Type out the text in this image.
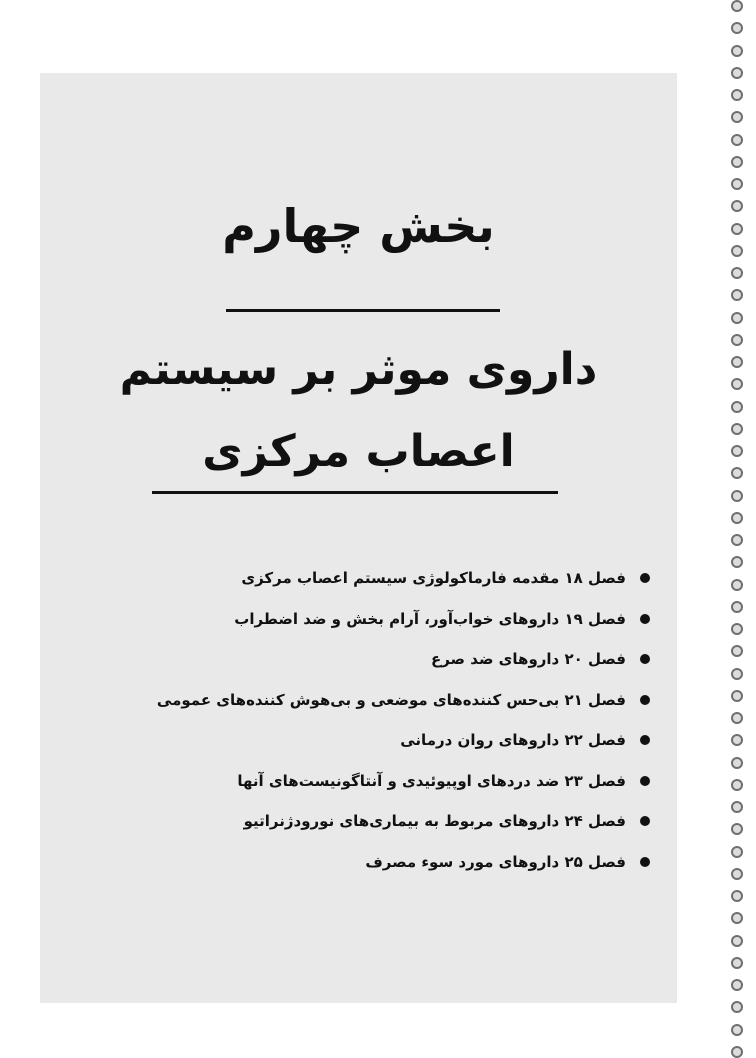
بخش چهارم
داروی موثر بر سیستم
اعصاب مرکزی
فصل ۱۸ مقدمه فارماکولوژی سیستم اعصاب مرکزی
فصل ۱۹ داروهای خواب‌آور، آرام بخش و ضد اضطراب
فصل ۲۰ داروهای ضد صرع
فصل ۲۱ بی‌حس کننده‌های موضعی و بی‌هوش کننده‌های عمومی
فصل ۲۲ داروهای روان درمانی
فصل ۲۳ ضد دردهای اوپیوئیدی و آنتاگونیست‌های آنها
فصل ۲۴ داروهای مربوط به بیماری‌های نورودژنراتیو
فصل ۲۵ داروهای مورد سوء مصرف
